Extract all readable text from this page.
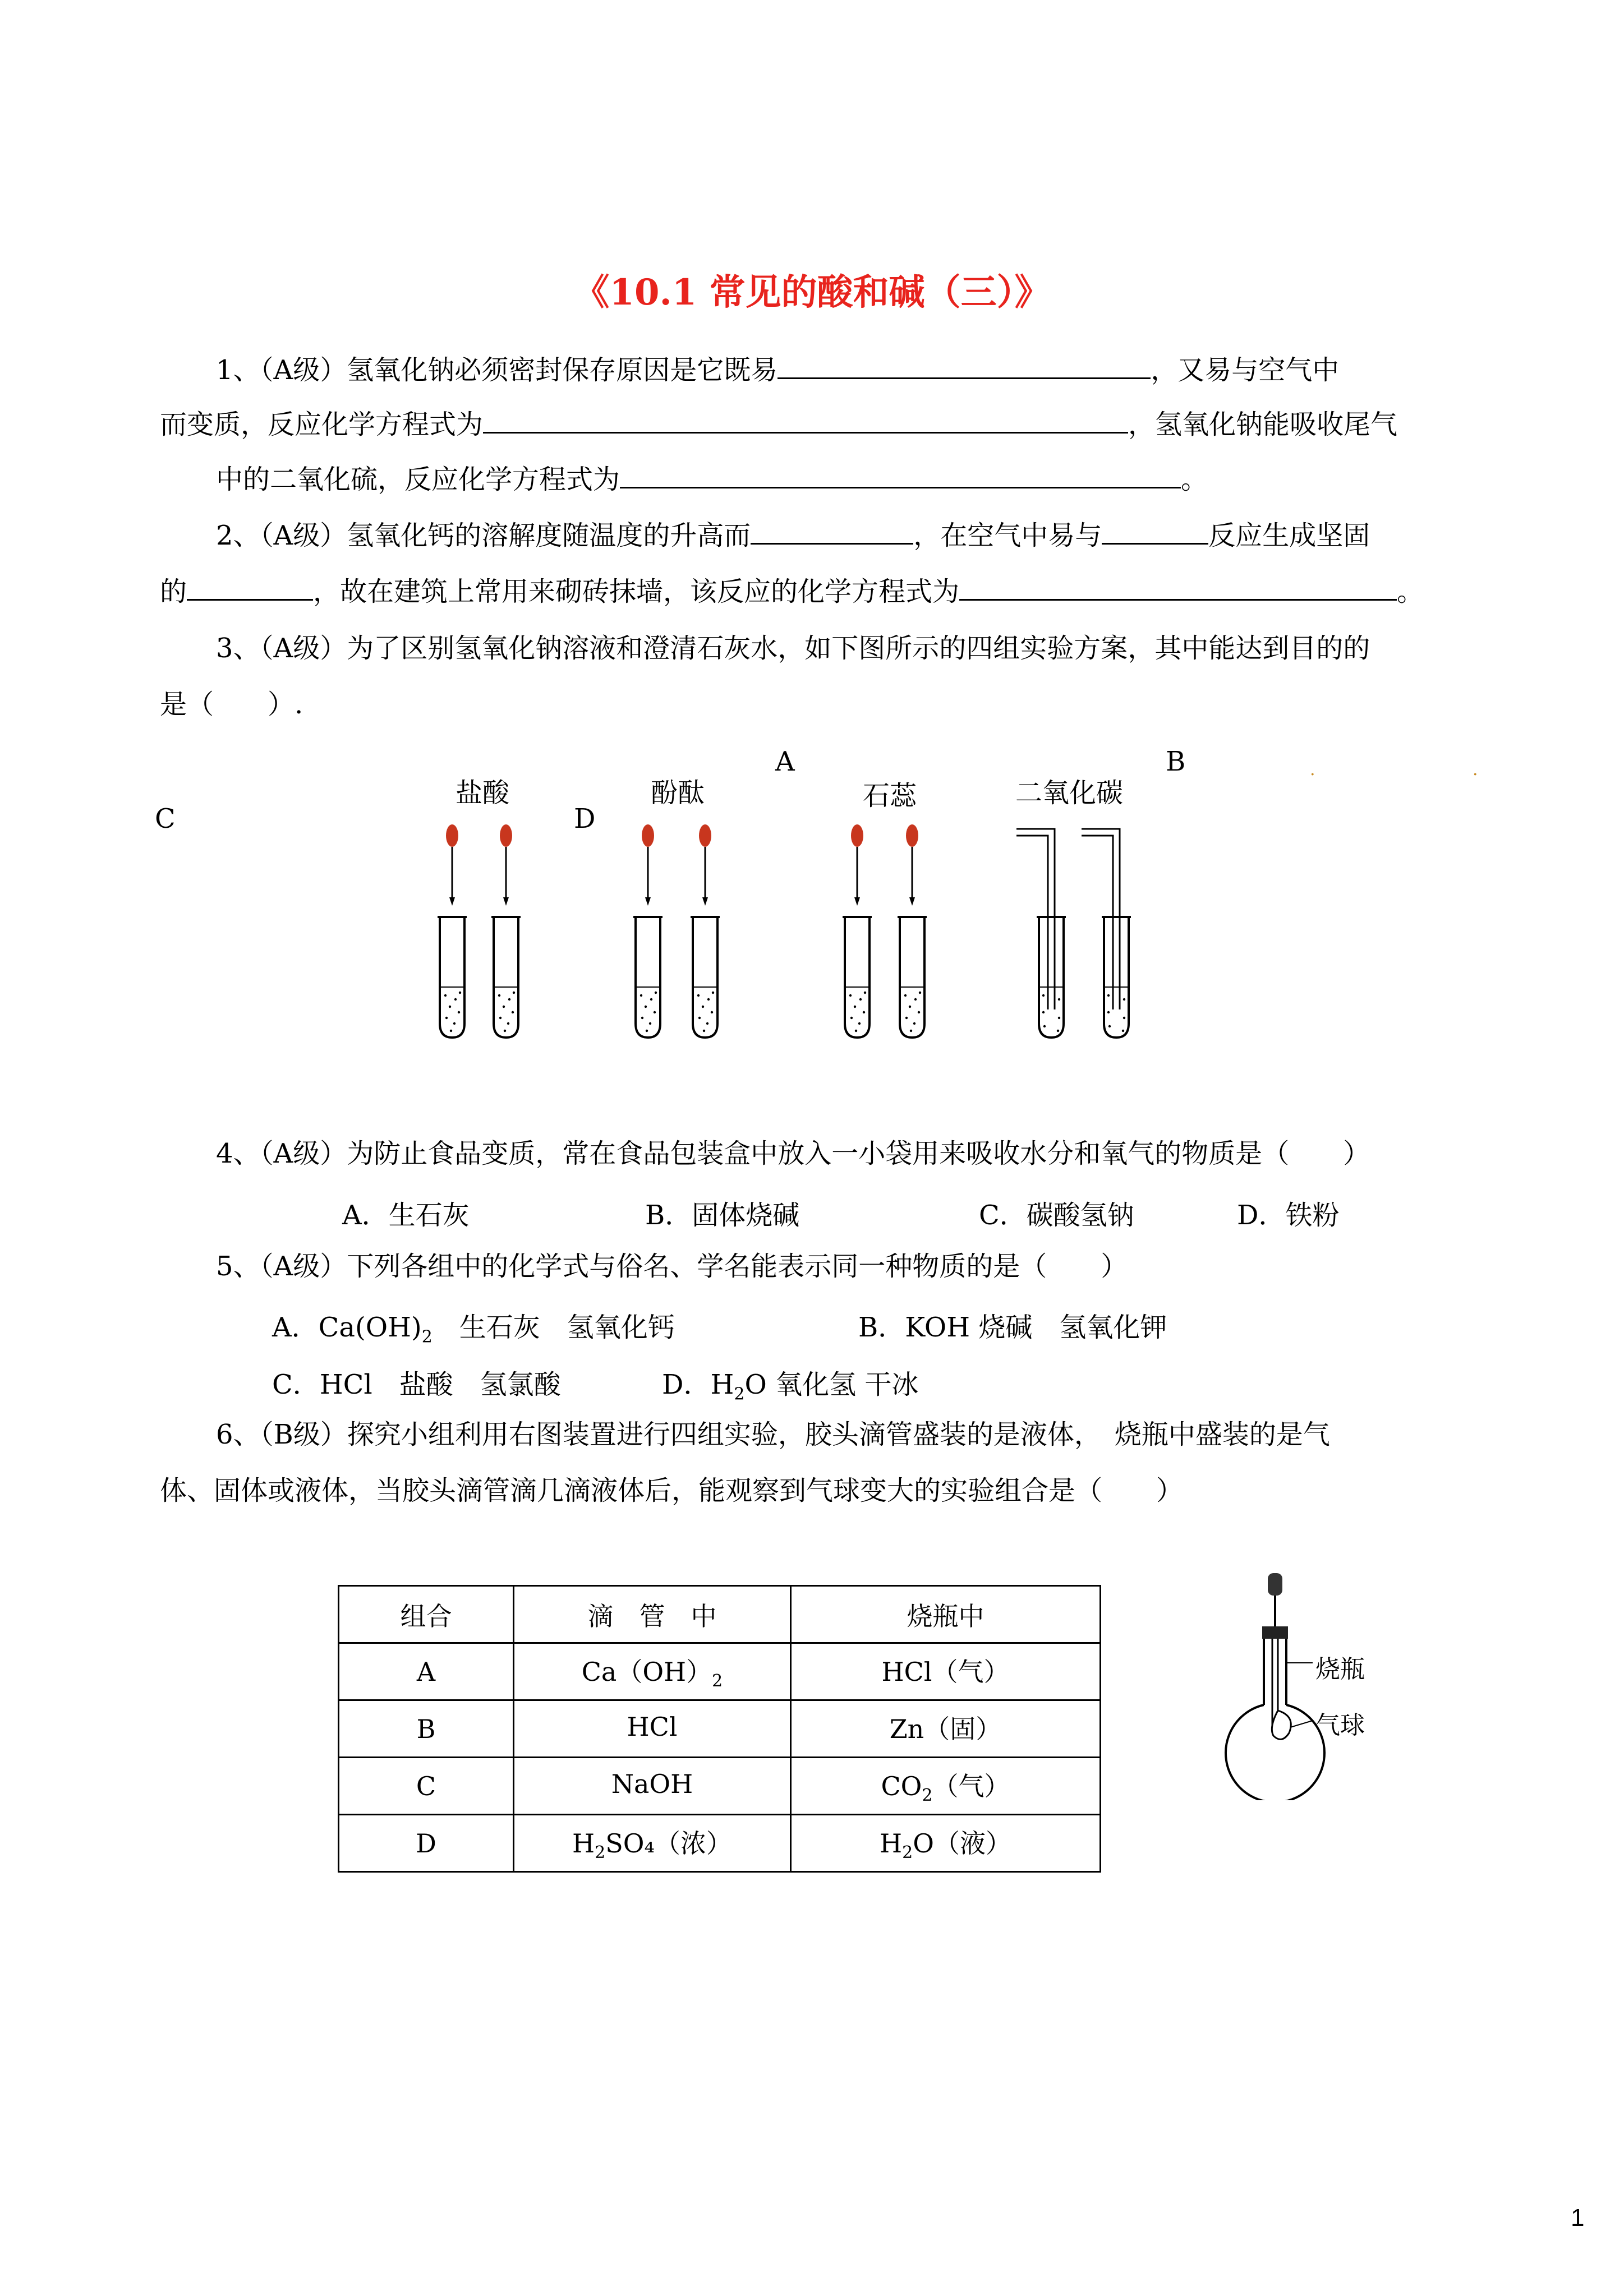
《10.1 常见的酸和碱（三）》
1、（A级）氢氧化钠必须密封保存原因是它既易	，又易与空气中
而变质，反应化学方程式为	，氢氧化钠能吸收尾气
中的二氧化硫，反应化学方程式为	。
2、（A级）氢氧化钙的溶解度随温度的升高而	，在空气中易与	反应生成坚固
的	，故在建筑上常用来砌砖抹墙，该反应的化学方程式为	。
3、（A级）为了区别氢氧化钠溶液和澄清石灰水，如下图所示的四组实验方案，其中能达到目的的
是（　　）.
盐酸	酚酞	石蕊	二氧化碳
A	B
C	D
.	.
4、（A级）为防止食品变质，常在食品包装盒中放入一小袋用来吸收水分和氧气的物质是（　　）
A．生石灰	B．固体烧碱	C．碳酸氢钠	D．铁粉
5、（A级）下列各组中的化学式与俗名、学名能表示同一种物质的是（　　）
A．$Ca(OH)_2$　生石灰　氢氧化钙	B．KOH 烧碱　氢氧化钾
C．HCl　盐酸　氢氯酸	D．$H_2O$ 氧化氢 干冰
6、（B级）探究小组利用右图装置进行四组实验，胶头滴管盛装的是液体，　烧瓶中盛装的是气
体、固体或液体，当胶头滴管滴几滴液体后，能观察到气球变大的实验组合是（　　）
组合	滴　管　中	烧瓶中
A	$Ca(OH)_2$	HCl（气）
B	HCl	Zn（固）
C	NaOH	$CO_2$（气）
D	$H_2SO_4$（浓）	$H_2O$（液）
烧瓶
气球
1
